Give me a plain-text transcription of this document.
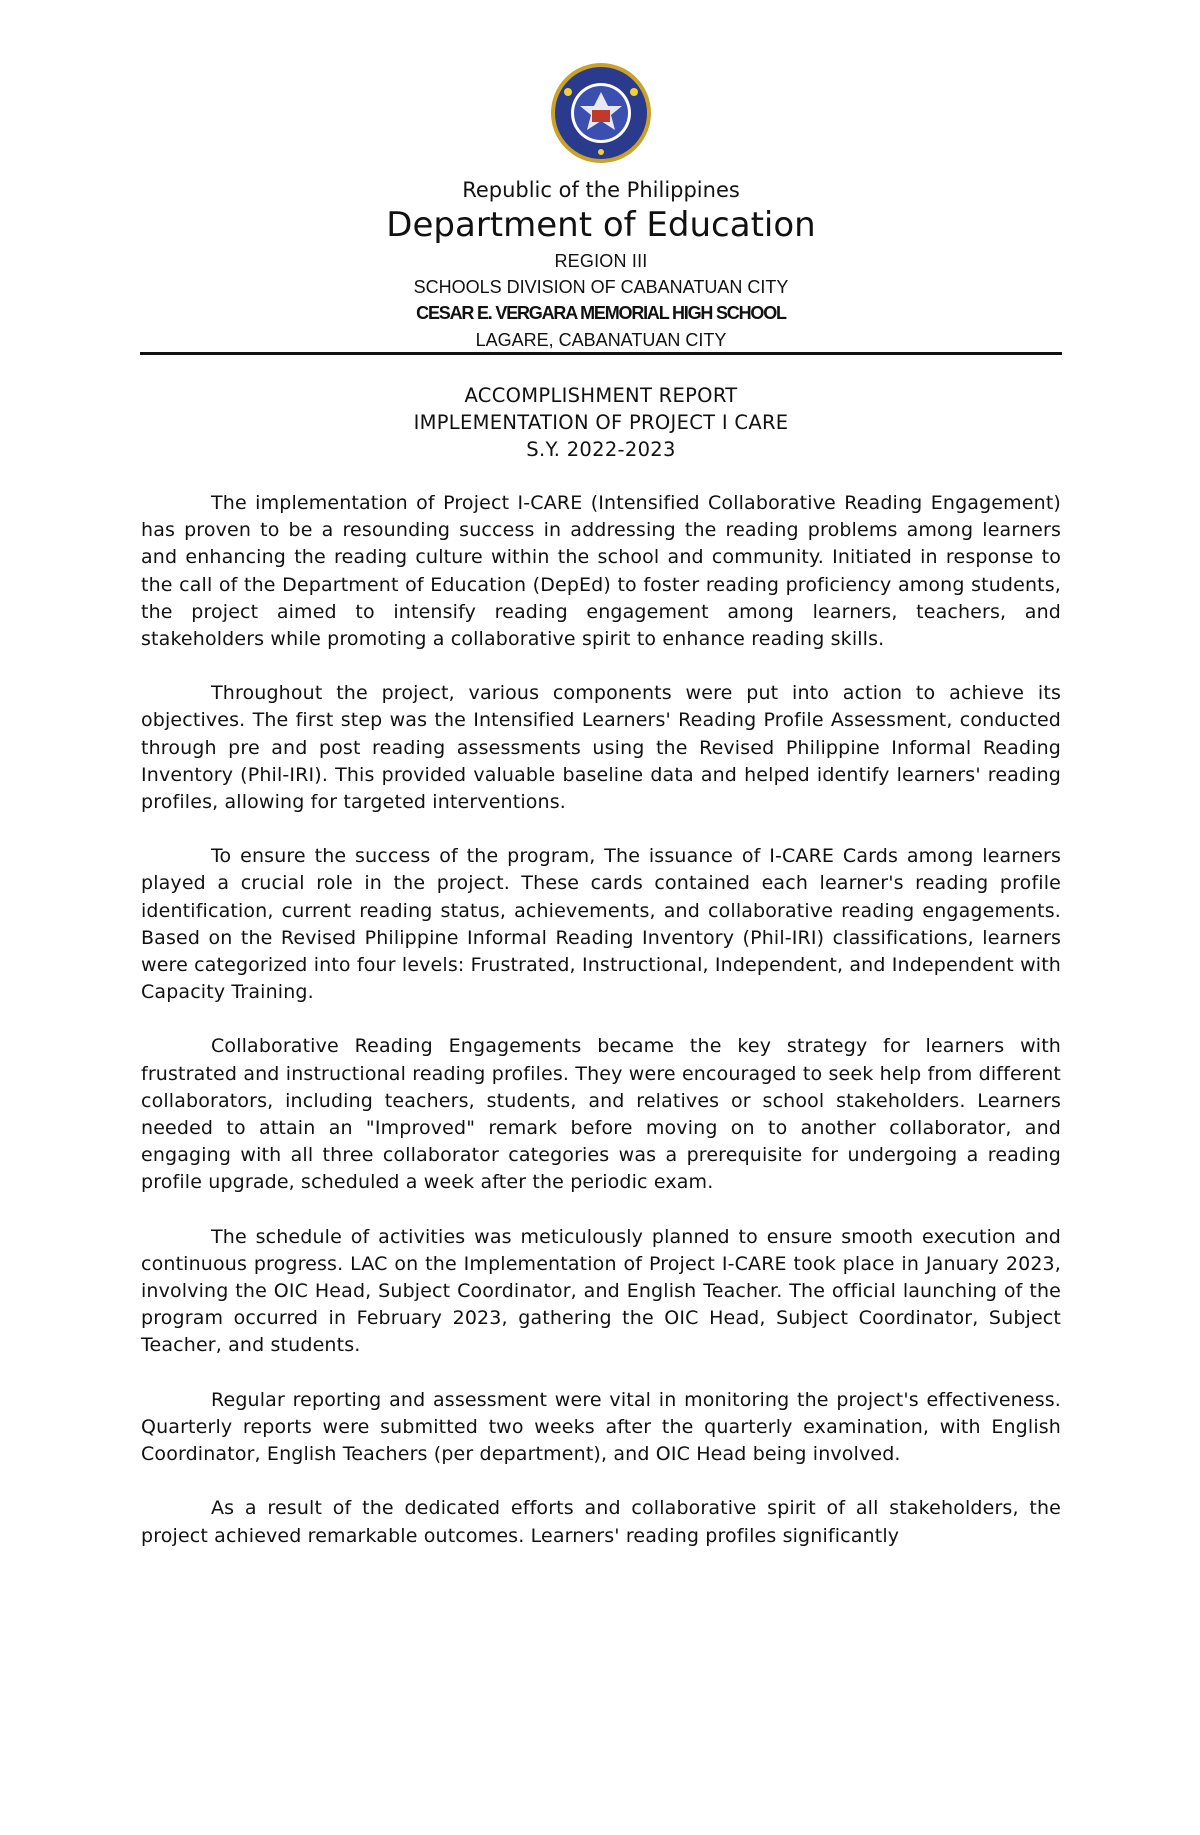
Republic of the Philippines
Department of Education
REGION III
SCHOOLS DIVISION OF CABANATUAN CITY
CESAR E. VERGARA MEMORIAL HIGH SCHOOL
LAGARE, CABANATUAN CITY
ACCOMPLISHMENT REPORT
IMPLEMENTATION OF PROJECT I CARE
S.Y. 2022-2023

The implementation of Project I-CARE (Intensified Collaborative Reading Engagement) has proven to be a resounding success in addressing the reading problems among learners and enhancing the reading culture within the school and community. Initiated in response to the call of the Department of Education (DepEd) to foster reading proficiency among students, the project aimed to intensify reading engagement among learners, teachers, and stakeholders while promoting a collaborative spirit to enhance reading skills.

Throughout the project, various components were put into action to achieve its objectives. The first step was the Intensified Learners' Reading Profile Assessment, conducted through pre and post reading assessments using the Revised Philippine Informal Reading Inventory (Phil-IRI). This provided valuable baseline data and helped identify learners' reading profiles, allowing for targeted interventions.

To ensure the success of the program, The issuance of I-CARE Cards among learners played a crucial role in the project. These cards contained each learner's reading profile identification, current reading status, achievements, and collaborative reading engagements. Based on the Revised Philippine Informal Reading Inventory (Phil-IRI) classifications, learners were categorized into four levels: Frustrated, Instructional, Independent, and Independent with Capacity Training.

Collaborative Reading Engagements became the key strategy for learners with frustrated and instructional reading profiles. They were encouraged to seek help from different collaborators, including teachers, students, and relatives or school stakeholders. Learners needed to attain an "Improved" remark before moving on to another collaborator, and engaging with all three collaborator categories was a prerequisite for undergoing a reading profile upgrade, scheduled a week after the periodic exam.

The schedule of activities was meticulously planned to ensure smooth execution and continuous progress. LAC on the Implementation of Project I-CARE took place in January 2023, involving the OIC Head, Subject Coordinator, and English Teacher. The official launching of the program occurred in February 2023, gathering the OIC Head, Subject Coordinator, Subject Teacher, and students.

Regular reporting and assessment were vital in monitoring the project's effectiveness. Quarterly reports were submitted two weeks after the quarterly examination, with English Coordinator, English Teachers (per department), and OIC Head being involved.

As a result of the dedicated efforts and collaborative spirit of all stakeholders, the project achieved remarkable outcomes. Learners' reading profiles significantly
